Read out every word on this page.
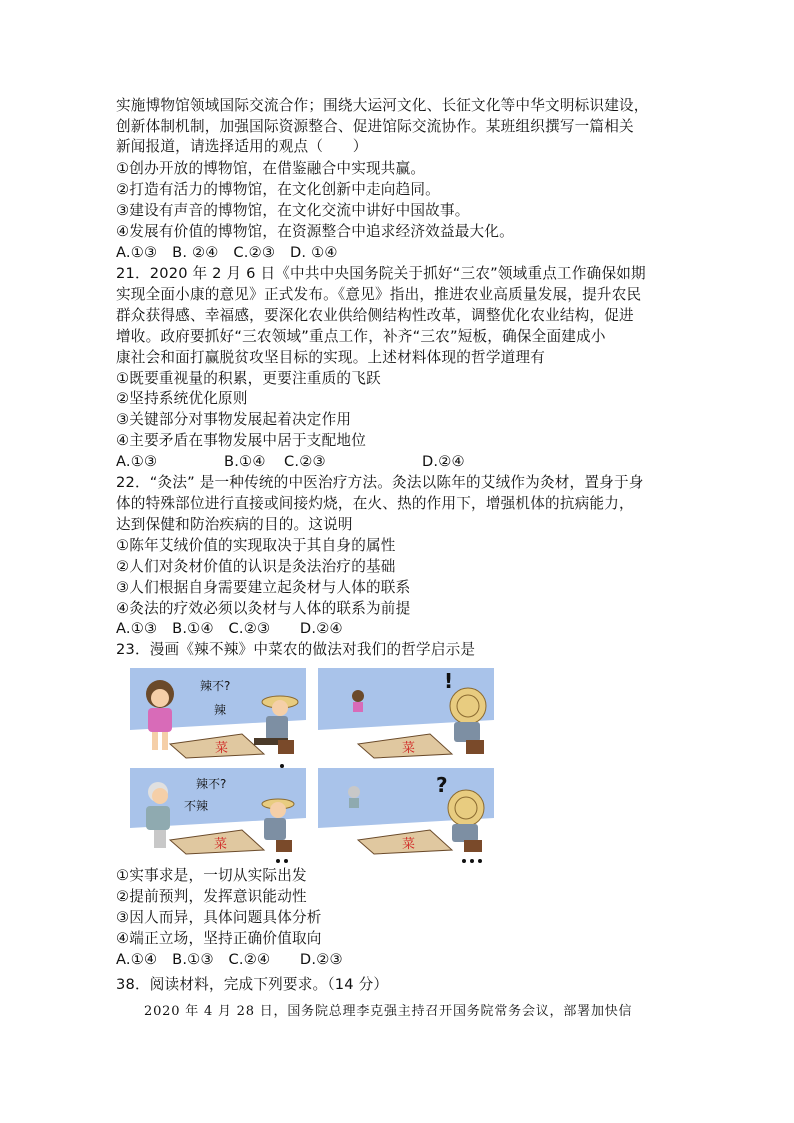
实施博物馆领域国际交流合作；围绕大运河文化、长征文化等中华文明标识建设，
创新体制机制，加强国际资源整合、促进馆际交流协作。某班组织撰写一篇相关
新闻报道，请选择适用的观点（　　）
①创办开放的博物馆，在借鉴融合中实现共赢。
②打造有活力的博物馆，在文化创新中走向趋同。
③建设有声音的博物馆，在文化交流中讲好中国故事。
④发展有价值的博物馆，在资源整合中追求经济效益最大化。
A.①③　B. ②④　C.②③　D. ①④
21．2020 年 2 月 6 日《中共中央国务院关于抓好“三农”领域重点工作确保如期
实现全面小康的意见》正式发布。《意见》指出，推进农业高质量发展，提升农民
群众获得感、幸福感，要深化农业供给侧结构性改革，调整优化农业结构，促进
增收。政府要抓好“三农领域”重点工作，补齐“三农”短板，确保全面建成小
康社会和面打赢脱贫攻坚目标的实现。上述材料体现的哲学道理有
①既要重视量的积累，更要注重质的飞跃
②坚持系统优化原则
③关键部分对事物发展起着决定作用
④主要矛盾在事物发展中居于支配地位
A.①③	B.①④ C.②③	D.②④
22．“灸法” 是一种传统的中医治疗方法。灸法以陈年的艾绒作为灸材，置身于身
体的特殊部位进行直接或间接灼烧，在火、热的作用下，增强机体的抗病能力，
达到保健和防治疾病的目的。这说明
①陈年艾绒价值的实现取决于其自身的属性
②人们对灸材价值的认识是灸法治疗的基础
③人们根据自身需要建立起灸材与人体的联系
④灸法的疗效必须以灸材与人体的联系为前提
A.①③　B.①④　C.②③　　D.②④
23．漫画《辣不辣》中菜农的做法对我们的哲学启示是
菜
辣不?
辣
菜
!
菜
辣不?
不辣
菜
?
①实事求是，一切从实际出发
②提前预判，发挥意识能动性
③因人而异，具体问题具体分析
④端正立场，坚持正确价值取向
A.①④　B.①③　C.②④　　D.②③
38．阅读材料，完成下列要求。（14 分）
2020 年 4 月 28 日，国务院总理李克强主持召开国务院常务会议，部署加快信
